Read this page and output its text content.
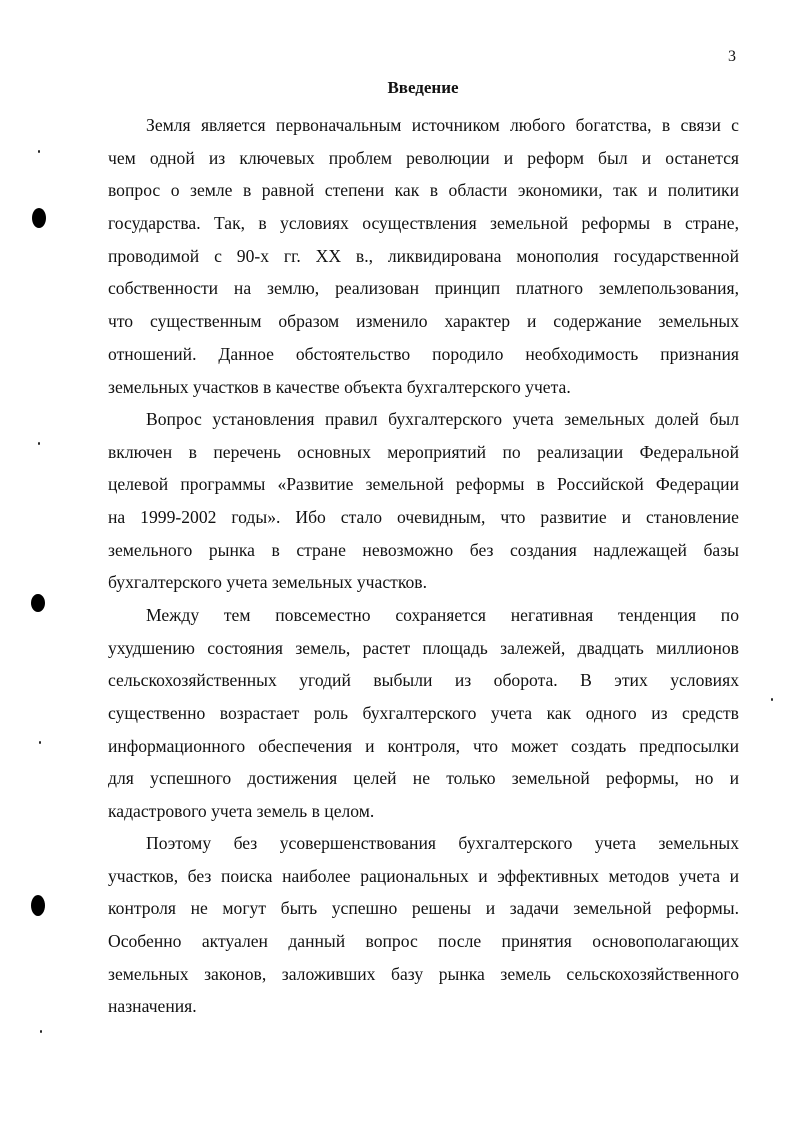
3
Введение
Земля является первоначальным источником любого богатства, в связи с
чем одной из ключевых проблем революции и реформ был и останется
вопрос о земле в равной степени как в области экономики, так и политики
государства. Так, в условиях осуществления земельной реформы в стране,
проводимой с 90-х гг. XX в., ликвидирована монополия государственной
собственности на землю, реализован принцип платного землепользования,
что существенным образом изменило характер и содержание земельных
отношений. Данное обстоятельство породило необходимость признания
земельных участков в качестве объекта бухгалтерского учета.
Вопрос установления правил бухгалтерского учета земельных долей был
включен в перечень основных мероприятий по реализации Федеральной
целевой программы «Развитие земельной реформы в Российской Федерации
на 1999-2002 годы». Ибо стало очевидным, что развитие и становление
земельного рынка в стране невозможно без создания надлежащей базы
бухгалтерского учета земельных участков.
Между тем повсеместно сохраняется негативная тенденция по
ухудшению состояния земель, растет площадь залежей, двадцать миллионов
сельскохозяйственных угодий выбыли из оборота. В этих условиях
существенно возрастает роль бухгалтерского учета как одного из средств
информационного обеспечения и контроля, что может создать предпосылки
для успешного достижения целей не только земельной реформы, но и
кадастрового учета земель в целом.
Поэтому без усовершенствования бухгалтерского учета земельных
участков, без поиска наиболее рациональных и эффективных методов учета и
контроля не могут быть успешно решены и задачи земельной реформы.
Особенно актуален данный вопрос после принятия основополагающих
земельных законов, заложивших базу рынка земель сельскохозяйственного
назначения.
